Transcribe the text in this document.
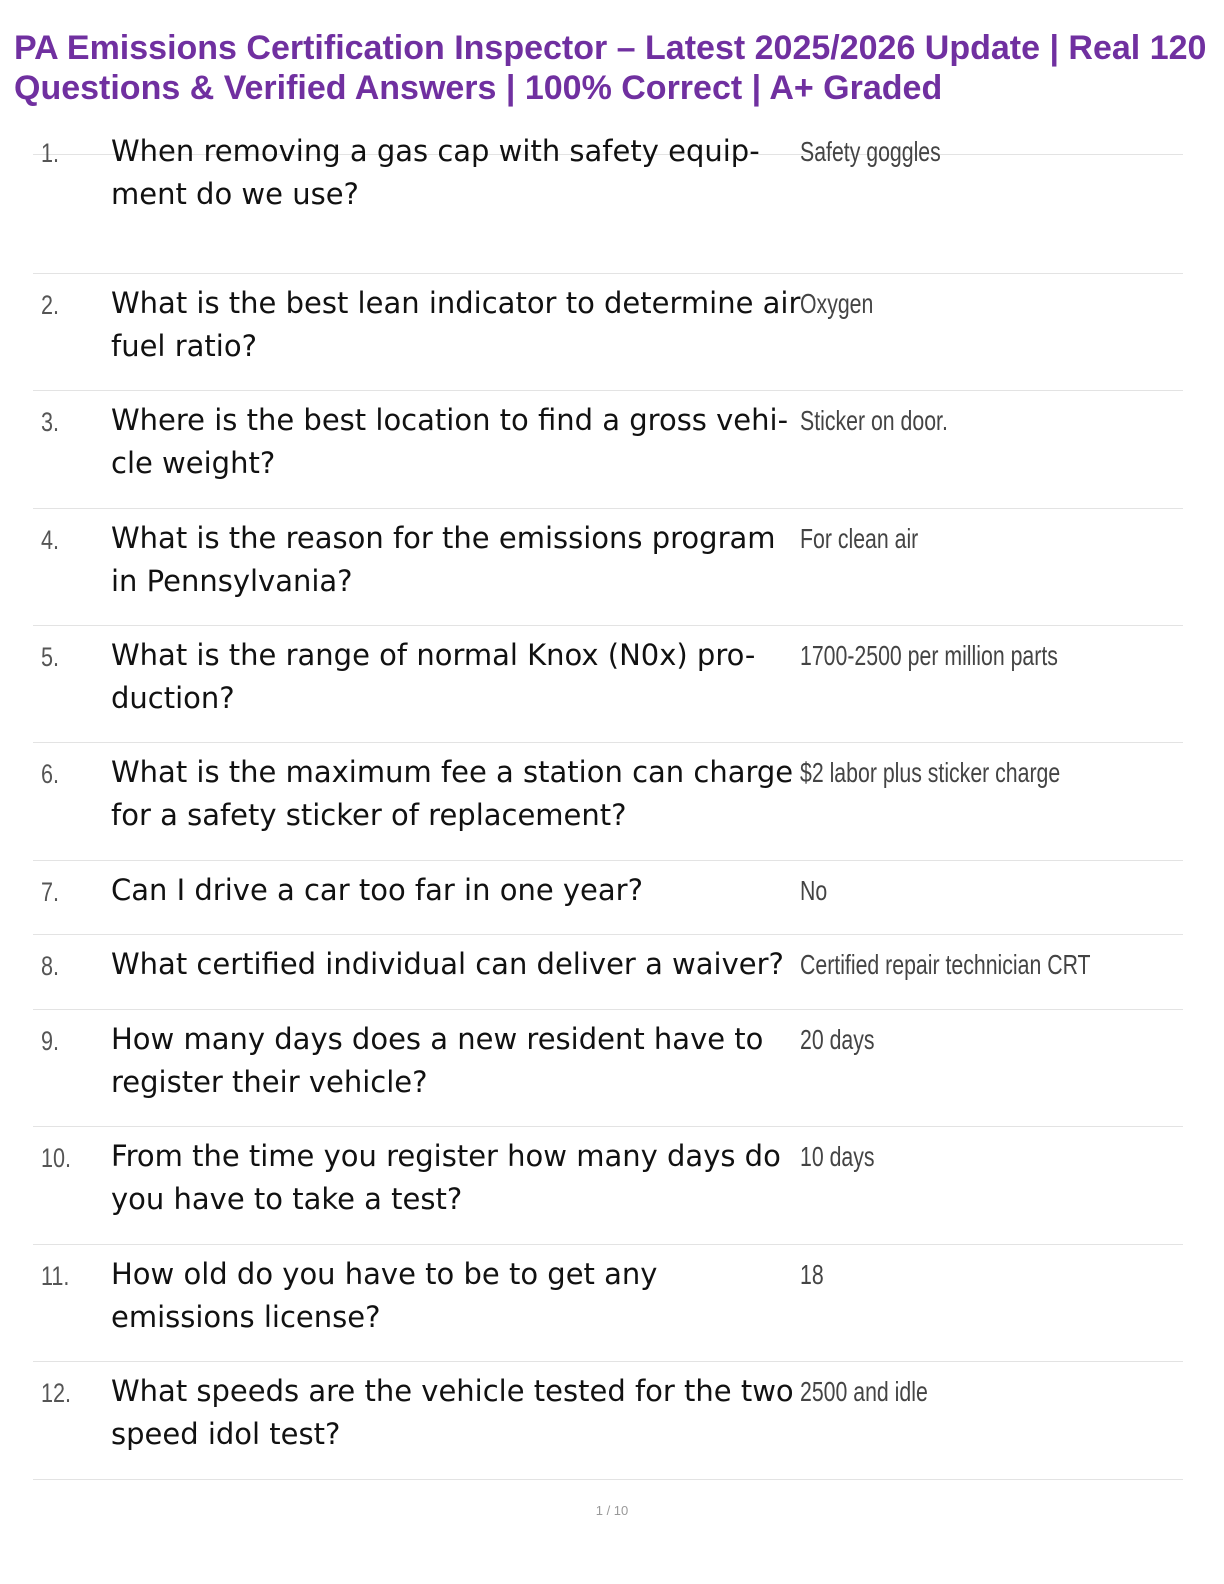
PA Emissions Certification Inspector – Latest 2025/2026 Update | Real 120 Questions & Verified Answers | 100% Correct | A+ Graded
1. When removing a gas cap with safety equip-ment do we use?
Safety goggles
2. What is the best lean indicator to determine air fuel ratio?
Oxygen
3. Where is the best location to find a gross vehi-cle weight?
Sticker on door.
4. What is the reason for the emissions program in Pennsylvania?
For clean air
5. What is the range of normal Knox (N0x) pro-duction?
1700-2500 per million parts
6. What is the maximum fee a station can charge for a safety sticker of replacement?
$2 labor plus sticker charge
7. Can I drive a car too far in one year?	No
8. What certified individual can deliver a waiver? Certified repair technician CRT
9. How many days does a new resident have to register their vehicle?
20 days
10. From the time you register how many days do you have to take a test?
10 days
11. How old do you have to be to get any emissions license?
18
12. What speeds are the vehicle tested for the two speed idol test?
2500 and idle
1 / 10
